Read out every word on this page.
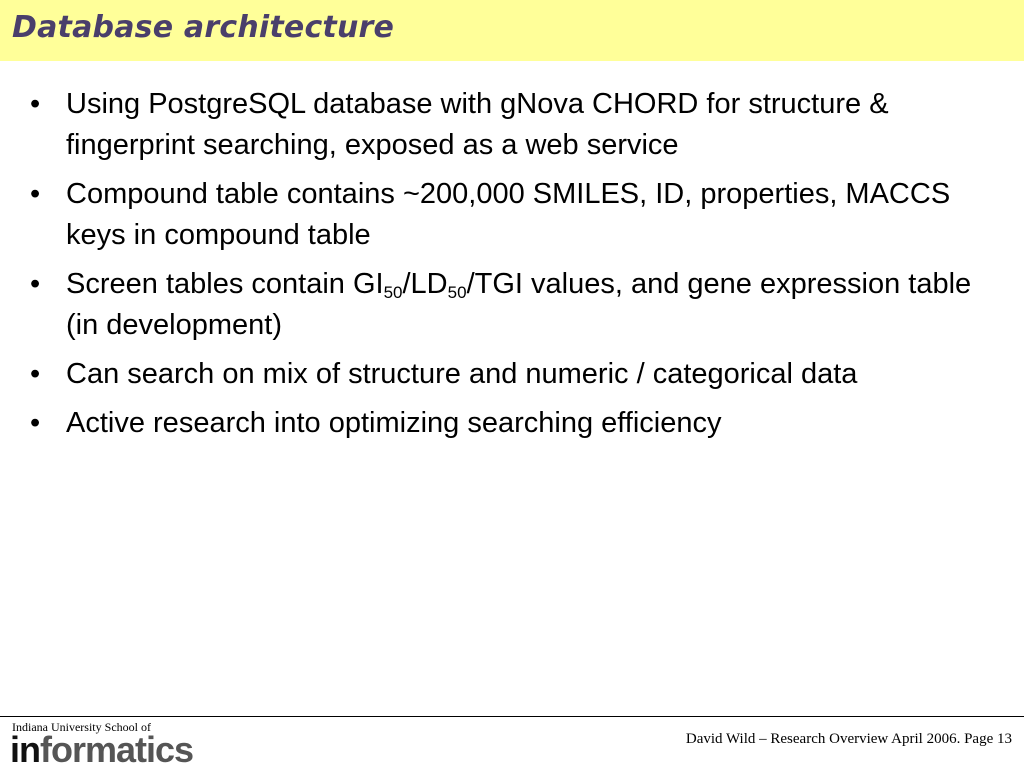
Database architecture
• Using PostgreSQL database with gNova CHORD for structure & fingerprint searching, exposed as a web service
• Compound table contains ~200,000 SMILES, ID, properties, MACCS keys in compound table
• Screen tables contain $GI_{50}/LD_{50}$/TGI values, and gene expression table (in development)
• Can search on mix of structure and numeric / categorical data
• Active research into optimizing searching efficiency
Indiana University School of
informatics	David Wild – Research Overview April 2006. Page 13
